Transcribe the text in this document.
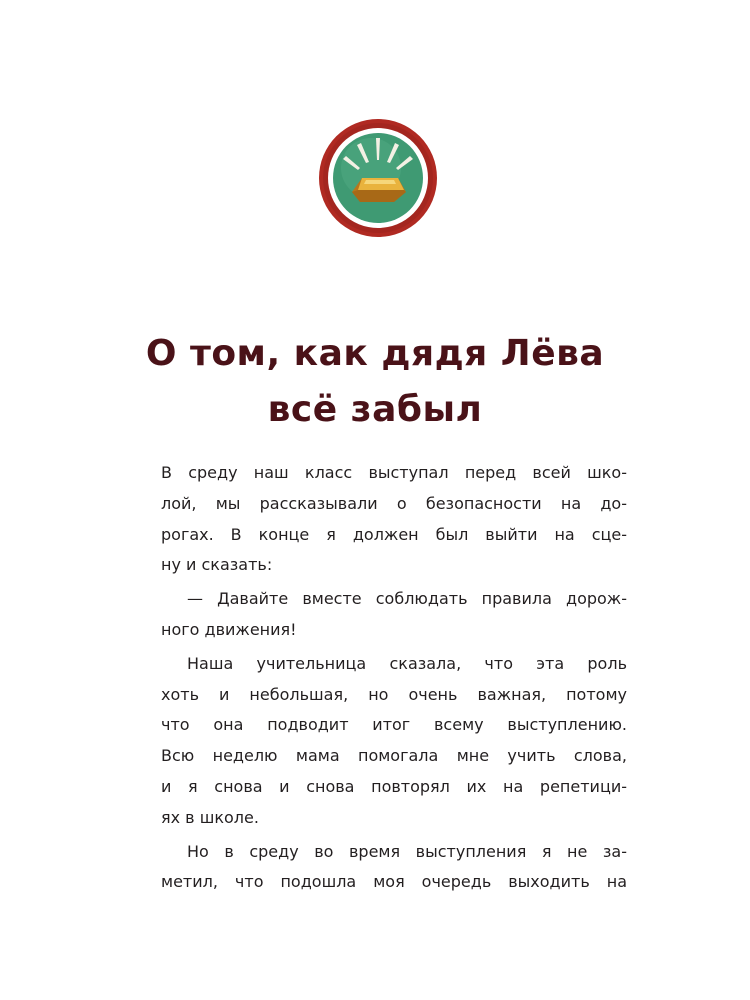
О том, как дядя Лёва
всё забыл

В среду наш класс выступал перед всей шко-
лой, мы рассказывали о безопасности на до-
рогах. В конце я должен был выйти на сце-
ну и сказать:

— Давайте вместе соблюдать правила дорож-
ного движения!

Наша учительница сказала, что эта роль
хоть и небольшая, но очень важная, потому
что она подводит итог всему выступлению.
Всю неделю мама помогала мне учить слова,
и я снова и снова повторял их на репетици-
ях в школе.

Но в среду во время выступления я не за-
метил, что подошла моя очередь выходить на
